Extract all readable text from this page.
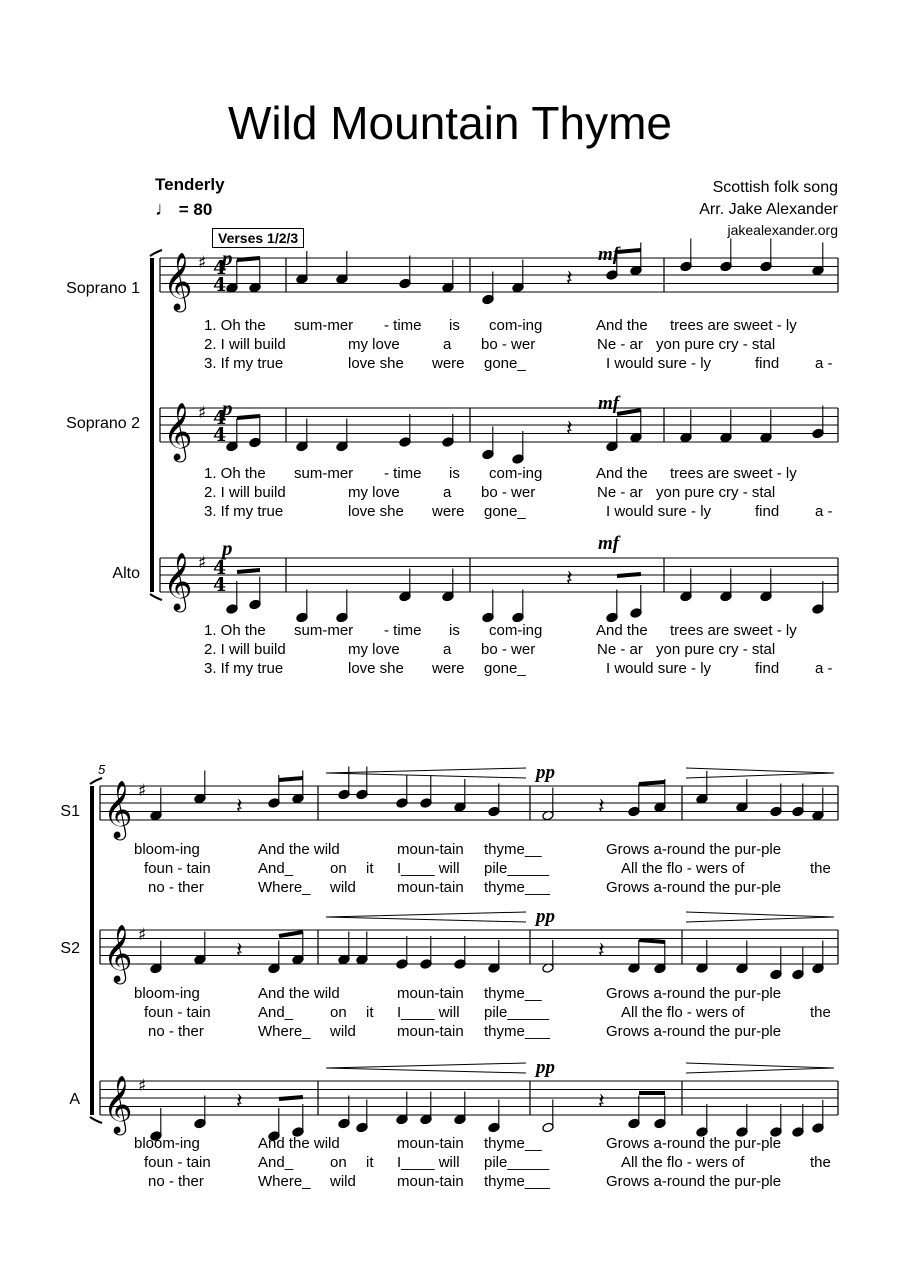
𝄞 ♯ 4
4
𝄞 ♯ 4
4
𝄞 ♯ 4
4
𝄽
𝄽
𝄽
𝄞 ♯
𝄞 ♯
𝄞 ♯
𝄽	𝄽
𝄽	𝄽
𝄽	𝄽
Wild Mountain Thyme
Tenderly
♩ = 80
Scottish folk song
Arr. Jake Alexander
jakealexander.org
Verses 1/2/3
5
Soprano 1
Soprano 2
Alto
S1
S2
A
p
p
p
mf
mf
mf
pp
pp
pp
1. Oh the sum-mer - time is com-ing	And the trees are sweet - ly
2. I will build	my love	a bo - wer	Ne - ar yon pure cry - stal
3. If my true	love she were gone_	I would sure - ly	find a -
1. Oh the sum-mer - time is com-ing	And the trees are sweet - ly
2. I will build	my love	a bo - wer	Ne - ar yon pure cry - stal
3. If my true	love she were gone_	I would sure - ly	find a -
1. Oh the sum-mer - time is com-ing	And the trees are sweet - ly
2. I will build	my love	a bo - wer	Ne - ar yon pure cry - stal
3. If my true	love she were gone_	I would sure - ly	find a -
bloom-ing	And the wild	moun-tain thyme__	Grows a-round the pur-ple
foun - tain	And_ on it I____ will pile_____	All the flo - wers of	the
no - ther	Where_ wild	moun-tain thyme___	Grows a-round the pur-ple
bloom-ing	And the wild	moun-tain thyme__	Grows a-round the pur-ple
foun - tain	And_ on it I____ will pile_____	All the flo - wers of	the
no - ther	Where_ wild	moun-tain thyme___	Grows a-round the pur-ple
bloom-ing	And the wild	moun-tain thyme__	Grows a-round the pur-ple
foun - tain	And_ on it I____ will pile_____	All the flo - wers of	the
no - ther	Where_ wild	moun-tain thyme___	Grows a-round the pur-ple
